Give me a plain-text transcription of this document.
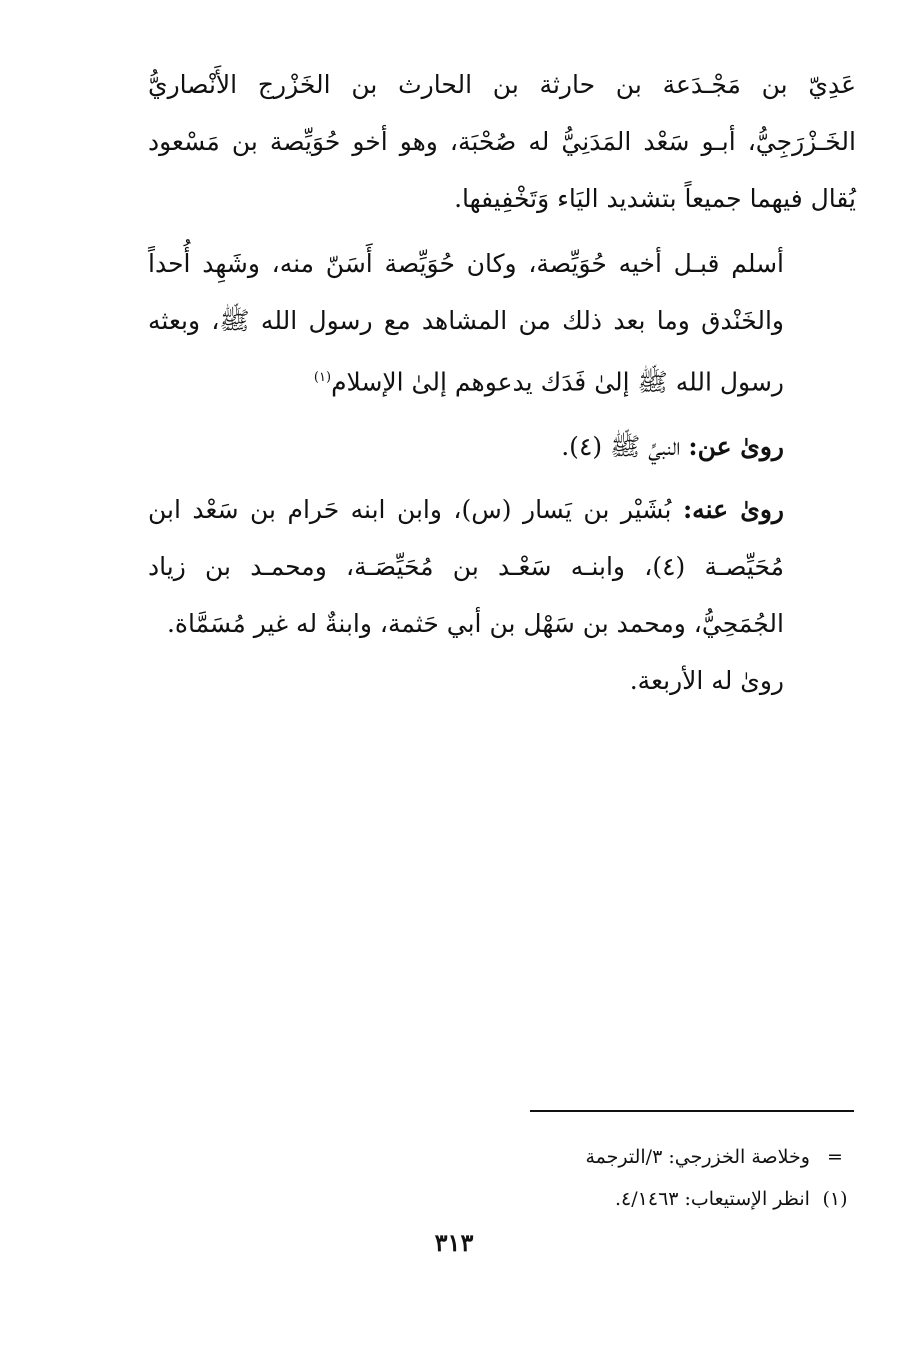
عَدِيّ بن مَجْـدَعة بن حارثة بن الحارث بن الخَزْرج الأَنْصاريُّ الخَـزْرَجِيُّ، أبـو سَعْد المَدَنِيُّ له صُحْبَة، وهو أخو حُوَيِّصة بن مَسْعود يُقال فيهما جميعاً بتشديد اليَاء وَتَخْفِيفها.

أسلم قبـل أخيه حُوَيِّصة، وكان حُوَيِّصة أَسَنّ منه، وشَهِد أُحداً والخَنْدق وما بعد ذلك من المشاهد مع رسول الله ﷺ، وبعثه رسول الله ﷺ إلىٰ فَدَك يدعوهم إلىٰ الإسلام$^{(١)}$

رویٰ عن: النبيِّ ﷺ (٤).

رویٰ عنه: بُشَيْر بن يَسار (س)، وابن ابنه حَرام بن سَعْد ابن مُحَيِّصـة (٤)، وابنـه سَعْـد بن مُحَيِّصَـة، ومحمـد بن زياد الجُمَحِيُّ، ومحمد بن سَهْل بن أبي حَثمة، وابنةٌ له غير مُسَمَّاة.

رویٰ له الأربعة.

= وخلاصة الخزرجي: ٣/الترجمة

(١) انظر الإستيعاب: ٤/١٤٦٣.

٣١٣
